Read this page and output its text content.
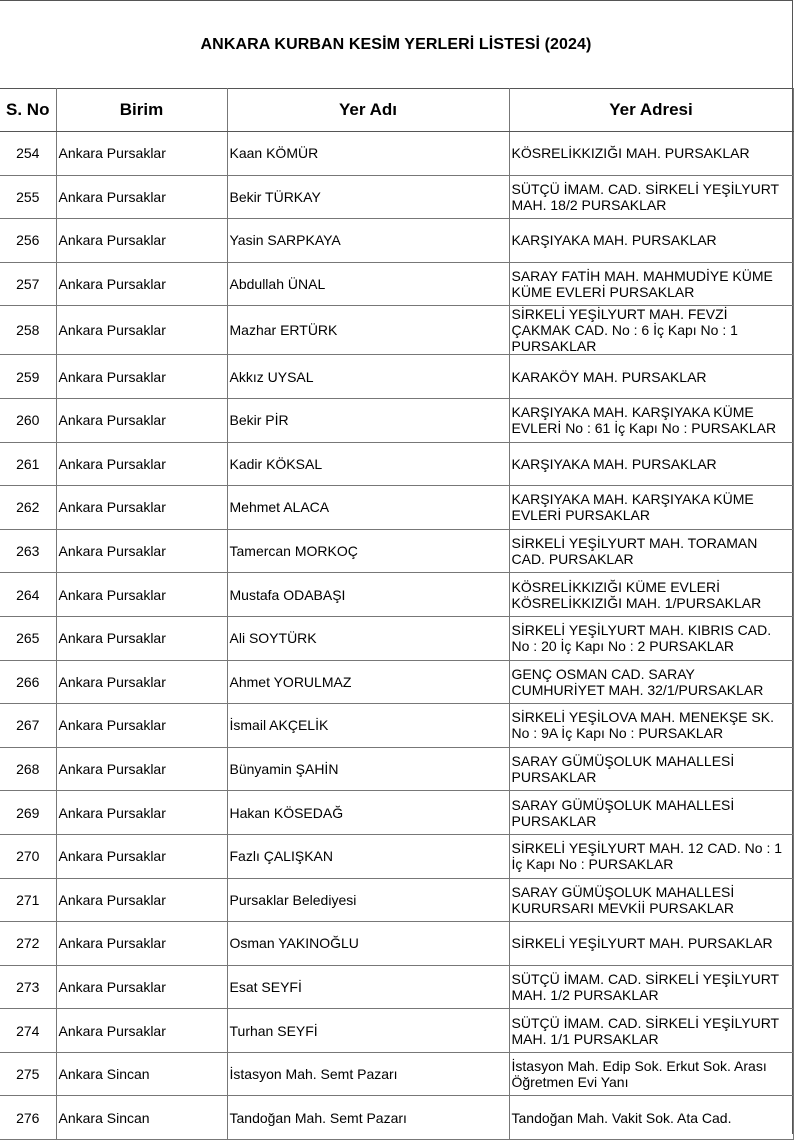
ANKARA KURBAN KESİM YERLERİ LİSTESİ (2024)
S. No	Birim	Yer Adı	Yer Adresi
254	Ankara Pursaklar	Kaan KÖMÜR	KÖSRELİKKIZIĞI MAH. PURSAKLAR
255	Ankara Pursaklar	Bekir TÜRKAY	SÜTÇÜ İMAM. CAD. SİRKELİ YEŞİLYURT MAH. 18/2 PURSAKLAR
256	Ankara Pursaklar	Yasin SARPKAYA	KARŞIYAKA MAH. PURSAKLAR
257	Ankara Pursaklar	Abdullah ÜNAL	SARAY FATİH MAH. MAHMUDİYE KÜME KÜME EVLERİ PURSAKLAR
258	Ankara Pursaklar	Mazhar ERTÜRK	SİRKELİ YEŞİLYURT MAH. FEVZİ ÇAKMAK CAD. No : 6 İç Kapı No : 1 PURSAKLAR
259	Ankara Pursaklar	Akkız UYSAL	KARAKÖY MAH. PURSAKLAR
260	Ankara Pursaklar	Bekir PİR	KARŞIYAKA MAH. KARŞIYAKA KÜME EVLERİ No : 61 İç Kapı No : PURSAKLAR
261	Ankara Pursaklar	Kadir KÖKSAL	KARŞIYAKA MAH. PURSAKLAR
262	Ankara Pursaklar	Mehmet ALACA	KARŞIYAKA MAH. KARŞIYAKA KÜME EVLERİ PURSAKLAR
263	Ankara Pursaklar	Tamercan MORKOÇ	SİRKELİ YEŞİLYURT MAH. TORAMAN CAD. PURSAKLAR
264	Ankara Pursaklar	Mustafa ODABAŞI	KÖSRELİKKIZIĞI KÜME EVLERİ KÖSRELİKKIZIĞI MAH. 1/PURSAKLAR
265	Ankara Pursaklar	Ali SOYTÜRK	SİRKELİ YEŞİLYURT MAH. KIBRIS CAD. No : 20 İç Kapı No : 2 PURSAKLAR
266	Ankara Pursaklar	Ahmet YORULMAZ	GENÇ OSMAN CAD. SARAY CUMHURİYET MAH. 32/1/PURSAKLAR
267	Ankara Pursaklar	İsmail AKÇELİK	SİRKELİ YEŞİLOVA MAH. MENEKŞE SK. No : 9A İç Kapı No : PURSAKLAR
268	Ankara Pursaklar	Bünyamin ŞAHİN	SARAY GÜMÜŞOLUK MAHALLESİ PURSAKLAR
269	Ankara Pursaklar	Hakan KÖSEDAĞ	SARAY GÜMÜŞOLUK MAHALLESİ PURSAKLAR
270	Ankara Pursaklar	Fazlı ÇALIŞKAN	SİRKELİ YEŞİLYURT MAH. 12 CAD. No : 1 İç Kapı No : PURSAKLAR
271	Ankara Pursaklar	Pursaklar Belediyesi	SARAY GÜMÜŞOLUK MAHALLESİ KURURSARI MEVKİİ PURSAKLAR
272	Ankara Pursaklar	Osman YAKINOĞLU	SİRKELİ YEŞİLYURT MAH. PURSAKLAR
273	Ankara Pursaklar	Esat SEYFİ	SÜTÇÜ İMAM. CAD. SİRKELİ YEŞİLYURT MAH. 1/2 PURSAKLAR
274	Ankara Pursaklar	Turhan SEYFİ	SÜTÇÜ İMAM. CAD. SİRKELİ YEŞİLYURT MAH. 1/1 PURSAKLAR
275	Ankara Sincan	İstasyon Mah. Semt Pazarı	İstasyon Mah. Edip Sok. Erkut Sok. Arası Öğretmen Evi Yanı
276	Ankara Sincan	Tandoğan Mah. Semt Pazarı	Tandoğan Mah. Vakit Sok. Ata Cad.
